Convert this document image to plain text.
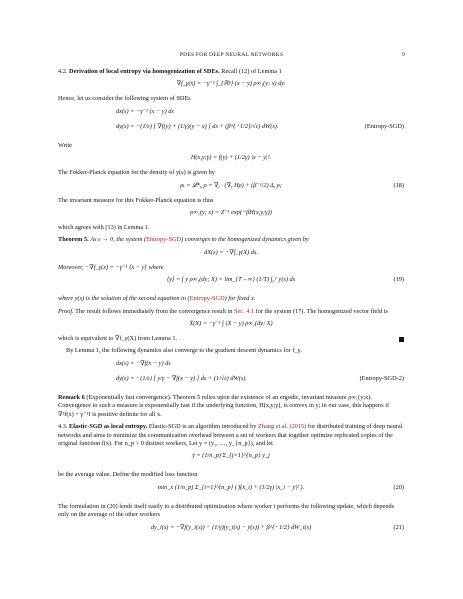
PDES FOR DEEP NEURAL NETWORKS	9

4.2. Derivation of local entropy via homogenization of SDEs. Recall (12) of Lemma 1

∇f_γ(x) = −γ⁻¹ ∫_{ℝⁿ} (x − y) ρ∞₁(y; x) dy.

Hence, let us consider the following system of SDEs

dx(s) = −γ⁻¹ (x − y) ds
dy(s) = −(1/ε) [ ∇f(y) + (1/γ)(y − x) ] ds + (β^{−1/2}/√ε) dW(s).	(Entropy-SGD)

Write

H(x,y;γ) = f(y) + (1/2γ) |x − y|².

The Fokker-Planck equation for the density of y(s) is given by

ρₜ = 𝓛*₀ ρ = ∇ᵧ · (∇ᵧ Hρ) + (β⁻¹/2) Δᵧ ρ;	(18)

The invariant measure for this Fokker-Planck equation is thus

ρ∞₁(y; x) = Z⁻¹ exp(−βH(x,y;γ))

which agrees with (13) in Lemma 1.

Theorem 5. As ε → 0, the system (Entropy-SGD) converges to the homogenized dynamics given by

dX(s) = −∇f_γ(X) ds.

Moreover, −∇f_γ(x) = −γ⁻¹ ⟨x − y⟩ where

⟨y⟩ = ∫ y ρ∞₁(dy; X) = lim_{T→∞} (1/T) ∫₀ᵀ y(s) ds	(19)

where y(s) is the solution of the second equation in (Entropy-SGD) for fixed x.

Proof. The result follows immediately from the convergence result in Sec. 4.1 for the system (17). The homogenized vector field is

X̄(X) = −γ⁻¹ ∫ (X − y) ρ∞₁(dy; X)

which is equivalent to ∇f_γ(X) from Lemma 1.

By Lemma 1, the following dynamics also converge to the gradient descent dynamics for f_γ.

dx(s) = −∇f(x − y) ds
dy(s) = −(1/ε) [ y/γ − ∇f(x − y) ] ds + (1/√ε) dW(s).	(Entropy-SGD-2)

Remark 6 (Exponentially fast convergence). Theorem 5 relies upon the existence of an ergodic, invariant measure ρ∞₁(y;x). Convergence to such a measure is exponentially fast if the underlying function, H(x,y;γ), is convex in y; in our case, this happens if ∇²f(x) + γ⁻¹I is positive definite for all x.

4.3. Elastic-SGD as local entropy. Elastic-SGD is an algorithm introduced by Zhang et al. (2015) for distributed training of deep neural networks and aims to minimize the communication overhead between a set of workers that together optimize replicated copies of the original function f(x). For n_p > 0 distinct workers, Let y = (y₁, …, y_{n_p}), and let

ȳ = (1/n_p) Σ_{j=1}^{n_p} y_j

be the average value. Define the modified loss function

min_x (1/n_p) Σ_{i=1}^{n_p} ( f(x_i) + (1/2γ) |x_i − ȳ|² ).	(20)

The formulation in (20) lends itself easily to a distributed optimization where worker i performs the following update, which depends only on the average of the other workers

dy_i(s) = −∇f(y_i(s)) − (1/γ)(y_i(s) − ȳ(s)) + β^{−1/2} dW_i(s)	(21)
